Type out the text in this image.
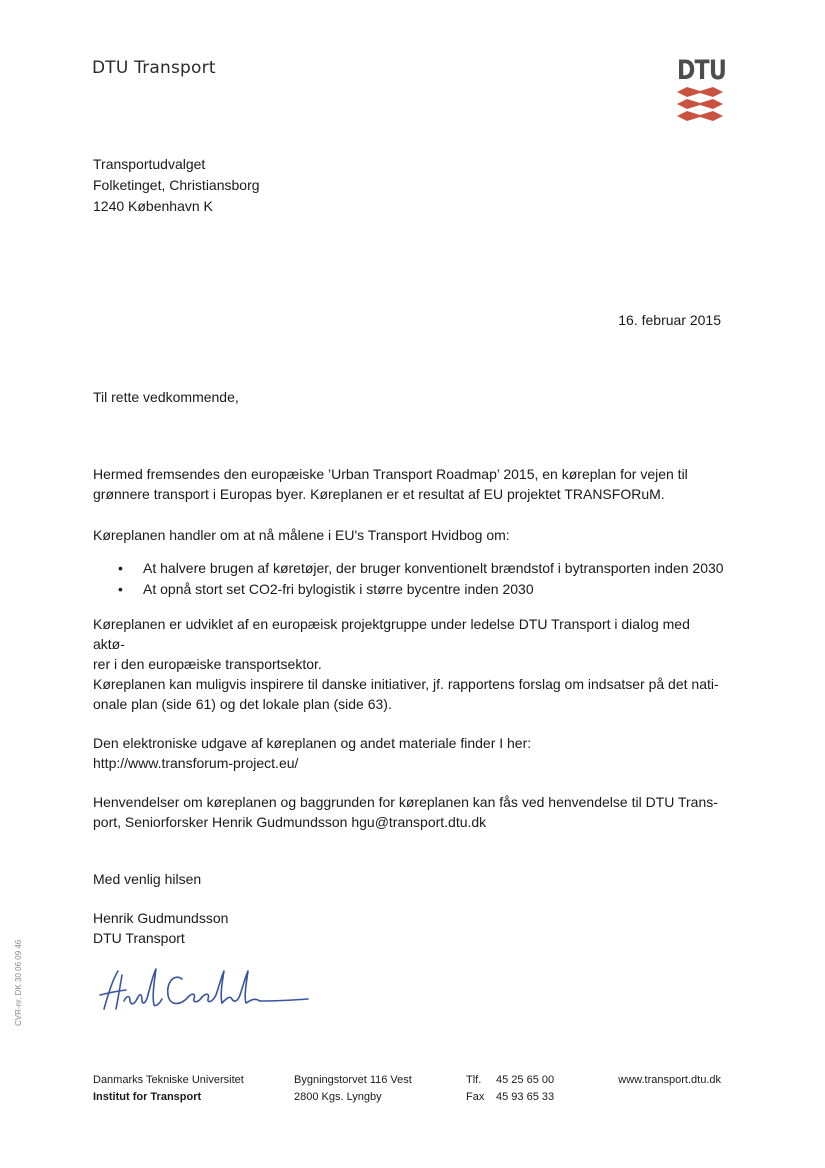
DTU Transport	DTU
Transportudvalget
Folketinget, Christiansborg
1240 København K
16. februar 2015
Til rette vedkommende,
Hermed fremsendes den europæiske ’Urban Transport Roadmap’ 2015, en køreplan for vejen til
grønnere transport i Europas byer. Køreplanen er et resultat af EU projektet TRANSFORuM.
Køreplanen handler om at nå målene i EU's Transport Hvidbog om:
• At halvere brugen af køretøjer, der bruger konventionelt brændstof i bytransporten inden 2030
• At opnå stort set CO2-fri bylogistik i større bycentre inden 2030
Køreplanen er udviklet af en europæisk projektgruppe under ledelse DTU Transport i dialog med aktø-
rer i den europæiske transportsektor.
Køreplanen kan muligvis inspirere til danske initiativer, jf. rapportens forslag om indsatser på det nati-
onale plan (side 61) og det lokale plan (side 63).
Den elektroniske udgave af køreplanen og andet materiale finder I her:
http://www.transforum-project.eu/
Henvendelser om køreplanen og baggrunden for køreplanen kan fås ved henvendelse til DTU Trans-
port, Seniorforsker Henrik Gudmundsson hgu@transport.dtu.dk
Med venlig hilsen
Henrik Gudmundsson
DTU Transport
CVR-nr. DK 30 06 09 46
Danmarks Tekniske Universitet
Institut for Transport
Bygningstorvet 116 Vest
2800 Kgs. Lyngby
Tlf. 45 25 65 00
Fax 45 93 65 33
www.transport.dtu.dk
